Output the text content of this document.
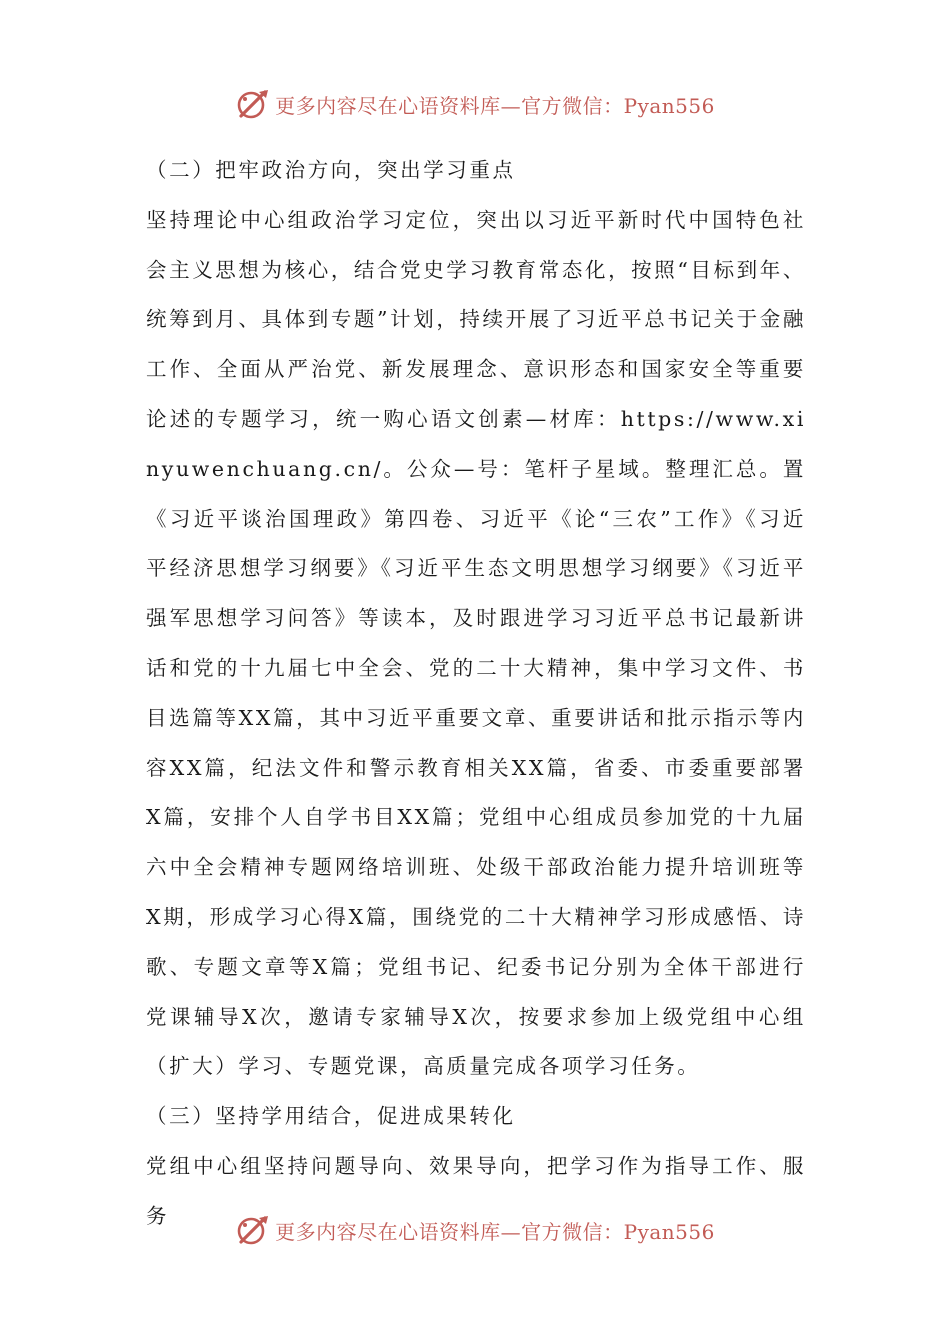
更多内容尽在心语资料库—官方微信：Pyan556

（二）把牢政治方向，突出学习重点

坚持理论中心组政治学习定位，突出以习近平新时代中国特色社会主义思想为核心，结合党史学习教育常态化，按照“目标到年、统筹到月、具体到专题”计划，持续开展了习近平总书记关于金融工作、全面从严治党、新发展理念、意识形态和国家安全等重要论述的专题学习，统一购心语文创素—材库：https://www.xinyuwenchuang.cn/。公众—号：笔杆子星域。整理汇总。置《习近平谈治国理政》第四卷、习近平《论“三农”工作》《习近平经济思想学习纲要》《习近平生态文明思想学习纲要》《习近平强军思想学习问答》等读本，及时跟进学习习近平总书记最新讲话和党的十九届七中全会、党的二十大精神，集中学习文件、书目选篇等XX篇，其中习近平重要文章、重要讲话和批示指示等内容XX篇，纪法文件和警示教育相关XX篇，省委、市委重要部署X篇，安排个人自学书目XX篇；党组中心组成员参加党的十九届六中全会精神专题网络培训班、处级干部政治能力提升培训班等X期，形成学习心得X篇，围绕党的二十大精神学习形成感悟、诗歌、专题文章等X篇；党组书记、纪委书记分别为全体干部进行党课辅导X次，邀请专家辅导X次，按要求参加上级党组中心组（扩大）学习、专题党课，高质量完成各项学习任务。

（三）坚持学用结合，促进成果转化

党组中心组坚持问题导向、效果导向，把学习作为指导工作、服务

更多内容尽在心语资料库—官方微信：Pyan556
